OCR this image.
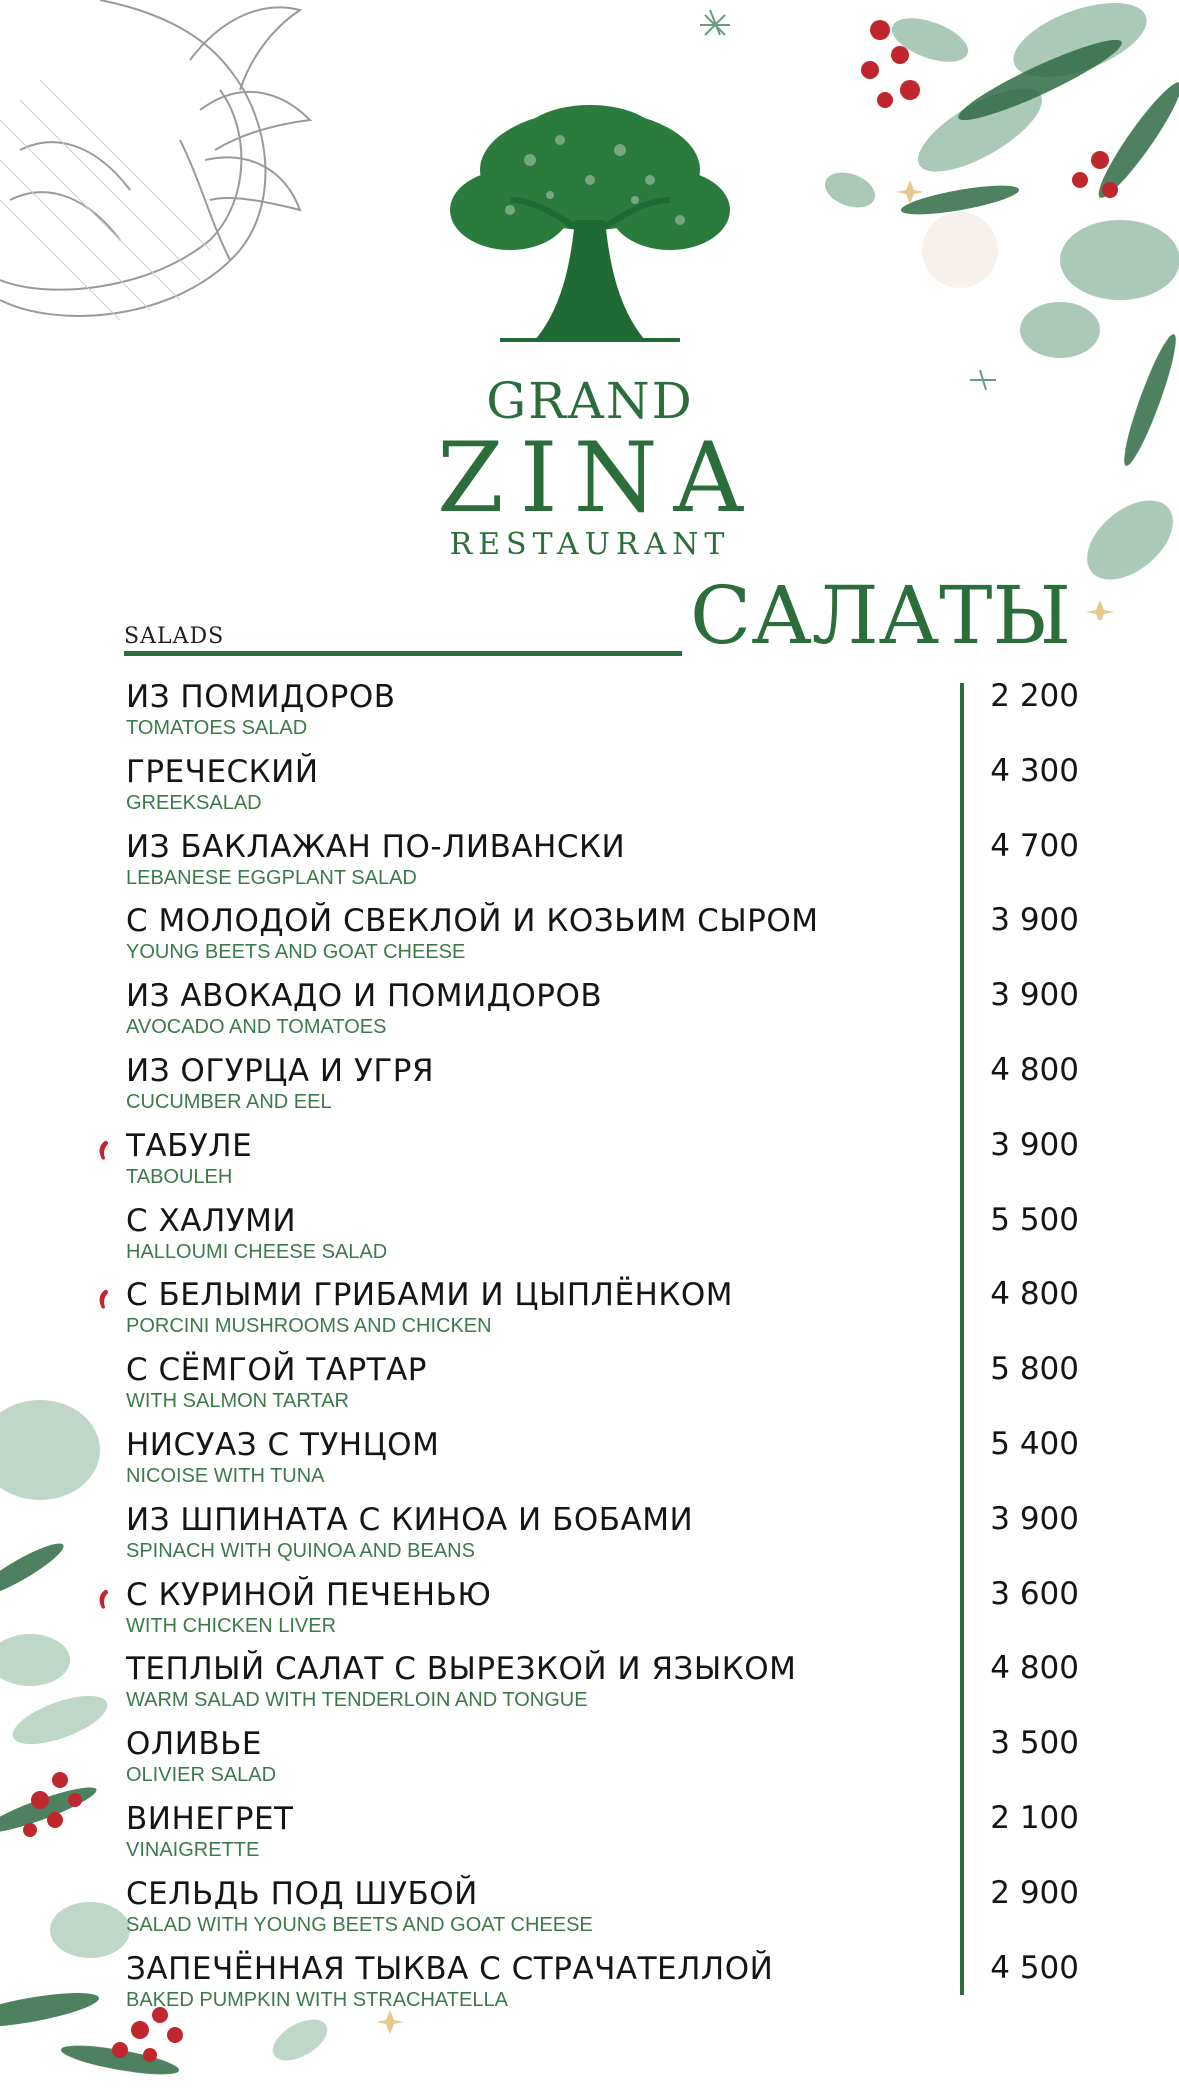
GRAND
ZINA
RESTAURANT
SALADS	САЛАТЫ
ИЗ ПОМИДОРОВ
TOMATOES SALAD
2 200
ГРЕЧЕСКИЙ
GREEKSALAD
4 300
ИЗ БАКЛАЖАН ПО-ЛИВАНСКИ
LEBANESE EGGPLANT SALAD
4 700
С МОЛОДОЙ СВЕКЛОЙ И КОЗЬИМ СЫРОМ
YOUNG BEETS AND GOAT CHEESE
3 900
ИЗ АВОКАДО И ПОМИДОРОВ
AVOCADO AND TOMATOES
3 900
ИЗ ОГУРЦА И УГРЯ
CUCUMBER AND EEL
4 800
ТАБУЛЕ
TABOULEH
3 900
С ХАЛУМИ
HALLOUMI CHEESE SALAD
5 500
С БЕЛЫМИ ГРИБАМИ И ЦЫПЛЁНКОМ
PORCINI MUSHROOMS AND CHICKEN
4 800
С СЁМГОЙ ТАРТАР
WITH SALMON TARTAR
5 800
НИСУАЗ С ТУНЦОМ
NICOISE WITH TUNA
5 400
ИЗ ШПИНАТА С КИНОА И БОБАМИ
SPINACH WITH QUINOA AND BEANS
3 900
С КУРИНОЙ ПЕЧЕНЬЮ
WITH CHICKEN LIVER
3 600
ТЕПЛЫЙ САЛАТ С ВЫРЕЗКОЙ И ЯЗЫКОМ
WARM SALAD WITH TENDERLOIN AND TONGUE
4 800
ОЛИВЬЕ
OLIVIER SALAD
3 500
ВИНЕГРЕТ
VINAIGRETTE
2 100
СЕЛЬДЬ ПОД ШУБОЙ
SALAD WITH YOUNG BEETS AND GOAT CHEESE
2 900
ЗАПЕЧЁННАЯ ТЫКВА С СТРАЧАТЕЛЛОЙ
BAKED PUMPKIN WITH STRACHATELLA
4 500
